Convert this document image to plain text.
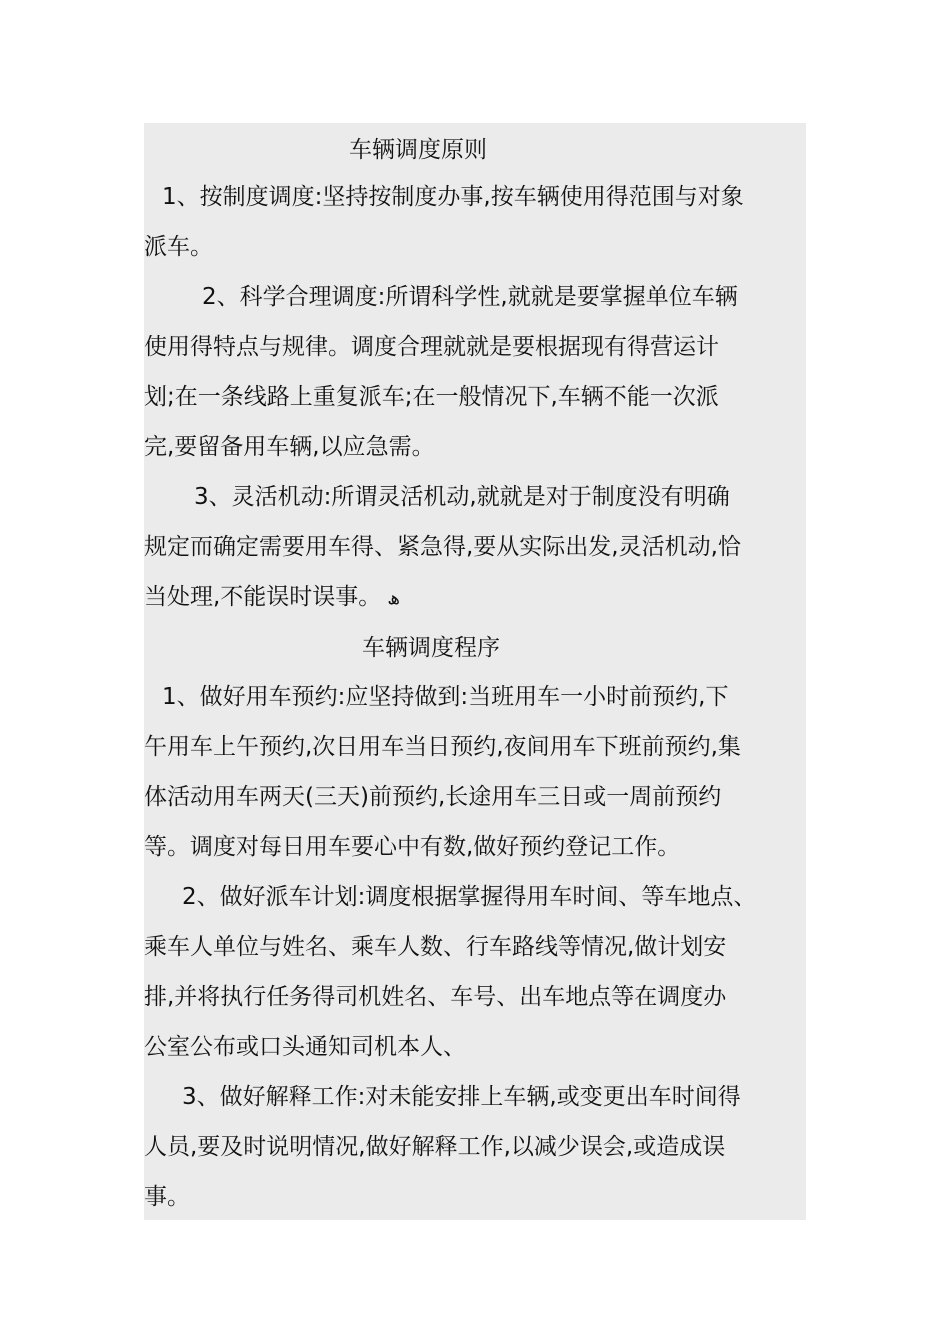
车辆调度原则
1、按制度调度:坚持按制度办事,按车辆使用得范围与对象
派车。
2、科学合理调度:所谓科学性,就就是要掌握单位车辆
使用得特点与规律。调度合理就就是要根据现有得营运计
划;在一条线路上重复派车;在一般情况下,车辆不能一次派
完,要留备用车辆,以应急需。
3、灵活机动:所谓灵活机动,就就是对于制度没有明确
规定而确定需要用车得、紧急得,要从实际出发,灵活机动,恰
当处理,不能误时误事。 ھ
车辆调度程序
1、做好用车预约:应坚持做到:当班用车一小时前预约,下
午用车上午预约,次日用车当日预约,夜间用车下班前预约,集
体活动用车两天(三天)前预约,长途用车三日或一周前预约
等。调度对每日用车要心中有数,做好预约登记工作。
2、做好派车计划:调度根据掌握得用车时间、等车地点、
乘车人单位与姓名、乘车人数、行车路线等情况,做计划安
排,并将执行任务得司机姓名、车号、出车地点等在调度办
公室公布或口头通知司机本人、
3、做好解释工作:对未能安排上车辆,或变更出车时间得
人员,要及时说明情况,做好解释工作,以减少误会,或造成误
事。
